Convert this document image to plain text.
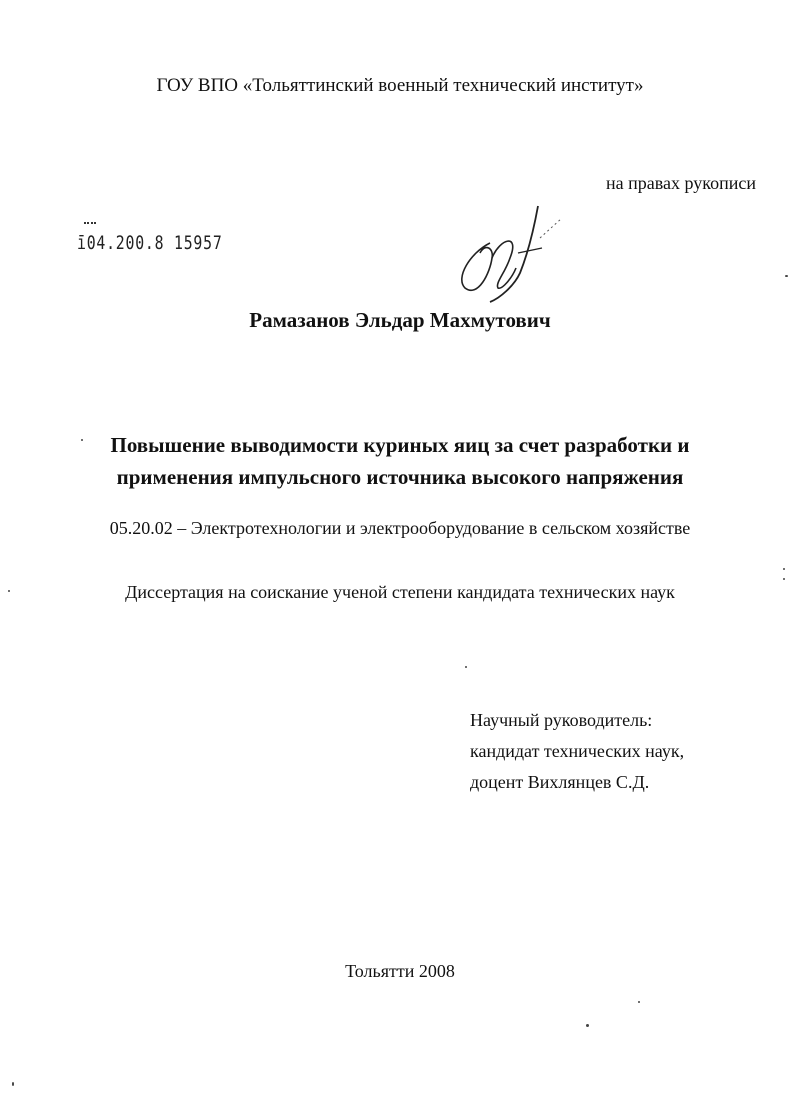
ГОУ ВПО «Тольяттинский военный технический институт»
на правах рукописи
ī04.200.8 15957
Рамазанов Эльдар Махмутович
Повышение выводимости куриных яиц за счет разработки и
применения импульсного источника высокого напряжения
05.20.02 – Электротехнологии и электрооборудование в сельском хозяйстве
Диссертация на соискание ученой степени кандидата технических наук
Научный руководитель:
кандидат технических наук,
доцент Вихлянцев С.Д.
Тольятти 2008
